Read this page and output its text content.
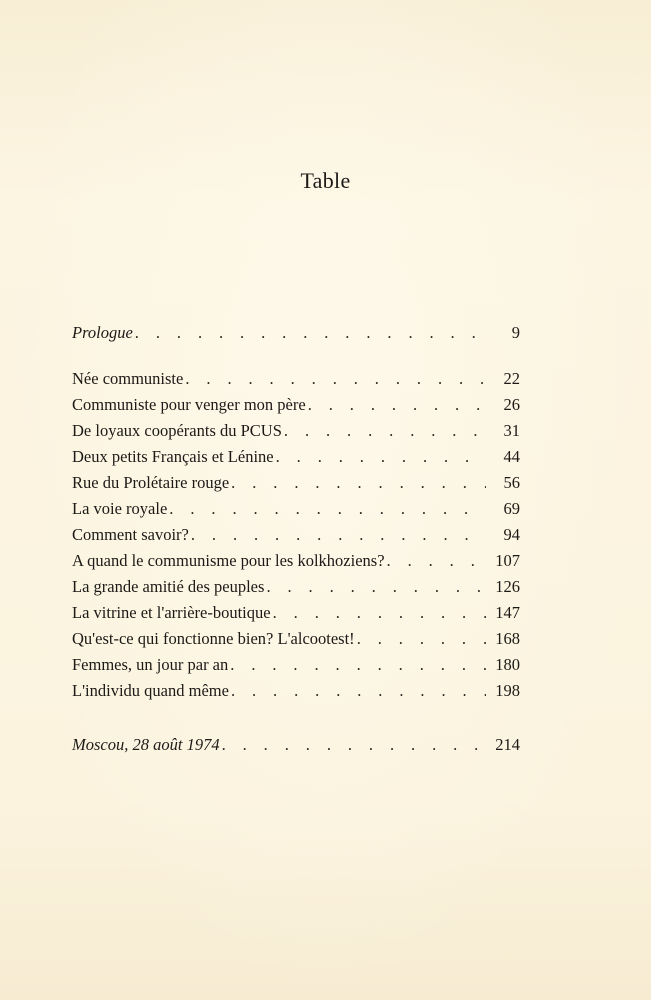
Table
Prologue . . .	9
Née communiste . . .	22
Communiste pour venger mon père . . .	26
De loyaux coopérants du PCUS . . .	31
Deux petits Français et Lénine . . .	44
Rue du Prolétaire rouge . . .	56
La voie royale . . .	69
Comment savoir? . . .	94
A quand le communisme pour les kolkhoziens? . . .	107
La grande amitié des peuples . . .	126
La vitrine et l'arrière-boutique . . .	147
Qu'est-ce qui fonctionne bien? L'alcootest! . . .	168
Femmes, un jour par an . . .	180
L'individu quand même . . .	198
Moscou, 28 août 1974 . . .	214
